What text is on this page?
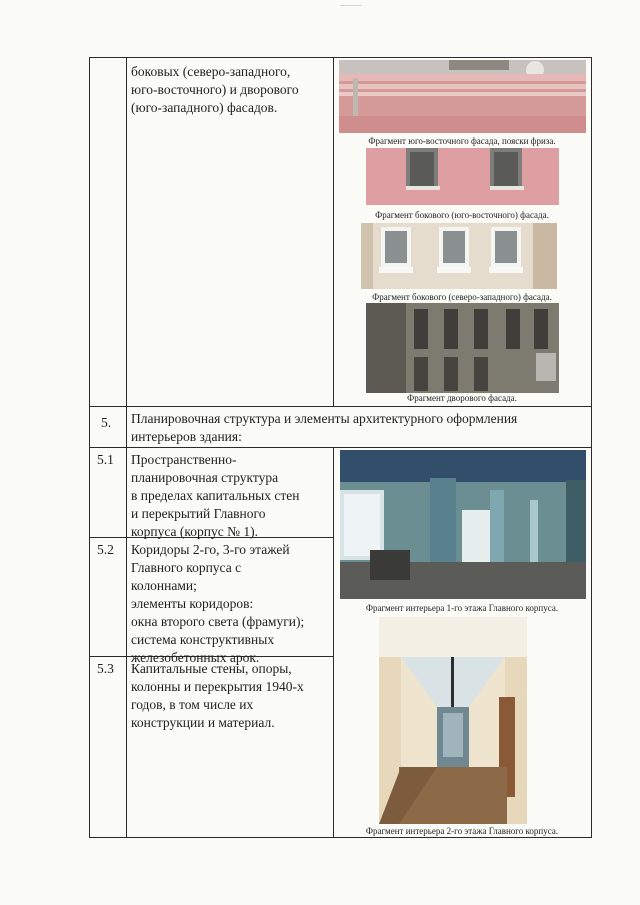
боковых (северо-западного,
юго-восточного) и дворового
(юго-западного) фасадов.
5. Планировочная структура и элементы архитектурного оформления
интерьеров здания:
5.1 Пространственно-
планировочная структура
в пределах капитальных стен
и перекрытий Главного
корпуса (корпус № 1).
5.2 Коридоры 2-го, 3-го этажей
Главного корпуса с
колоннами;
элементы коридоров:
окна второго света (фрамуги);
система конструктивных
железобетонных арок.
5.3 Капитальные стены, опоры,
колонны и перекрытия 1940-х
годов, в том числе их
конструкции и материал.
Фрагмент юго-восточного фасада, пояски фриза.
Фрагмент бокового (юго-восточного) фасада.
Фрагмент бокового (северо-западного) фасада.
Фрагмент дворового фасада.
Фрагмент интерьера 1-го этажа Главного корпуса.
Фрагмент интерьера 2-го этажа Главного корпуса.
